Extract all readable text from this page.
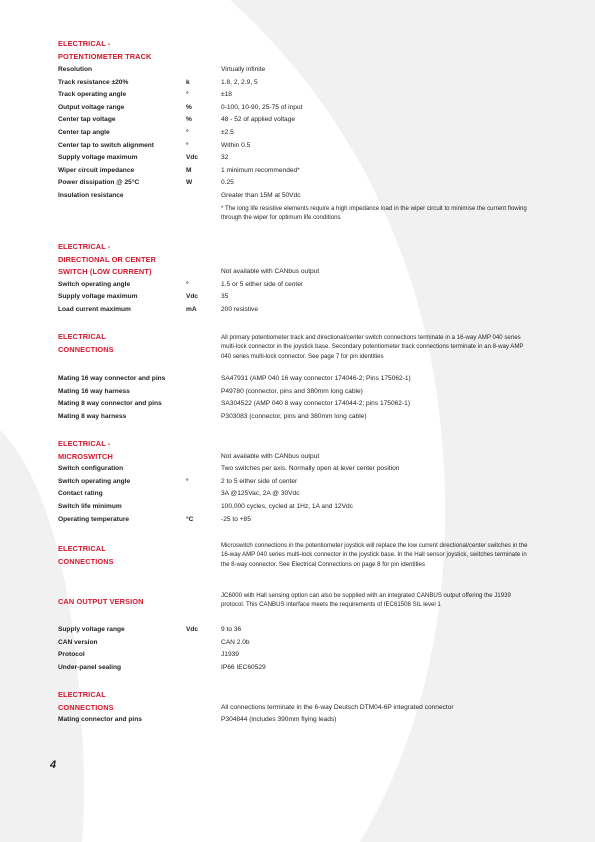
ELECTRICAL -
POTENTIOMETER TRACK
Resolution	Virtually infinite
Track resistance ±20%	k	1.8, 2, 2.9, 5
Track operating angle	°	±18
Output voltage range	%	0-100, 10-90, 25-75 of input
Center tap voltage	%	48 - 52 of applied voltage
Center tap angle	°	±2.5
Center tap to switch alignment	°	Within 0.5
Supply voltage maximum	Vdc	32
Wiper circuit impedance	M	1 minimum recommended*
Power dissipation @ 25°C	W	0.25
Insulation resistance	Greater than 15M at 50Vdc
* The long life resistive elements require a high impedance load in the wiper circuit to minimise the current flowing through the wiper for optimum life conditions
ELECTRICAL -
DIRECTIONAL OR CENTER
SWITCH (LOW CURRENT)	Not available with CANbus output
Switch operating angle	°	1.5 or 5 either side of center
Supply voltage maximum	Vdc	35
Load current maximum	mA	200 resistive
ELECTRICAL
CONNECTIONS
All primary potentiometer track and directional/center switch connections terminate in a 16-way AMP 040 series multi-lock connector in the joystick base. Secondary potentiometer track connections terminate in an 8-way AMP 040 series multi-lock connector. See page 7 for pin identities
Mating 16 way connector and pins	SA47931 (AMP 040 16 way connector 174046-2; Pins 175062-1)
Mating 16 way harness	P49780 (connector, pins and 380mm long cable)
Mating 8 way connector and pins	SA304522 (AMP 040 8 way connector 174044-2; pins 175062-1)
Mating 8 way harness	P303083 (connector, pins and 380mm long cable)
ELECTRICAL -
MICROSWITCH	Not available with CANbus output
Switch configuration	Two switches per axis. Normally open at lever center position
Switch operating angle	°	2 to 5 either side of center
Contact rating	3A @125Vac, 2A @ 30Vdc
Switch life minimum	100,000 cycles, cycled at 1Hz, 1A and 12Vdc
Operating temperature	°C	-25 to +85
ELECTRICAL
CONNECTIONS
Microswitch connections in the potentiometer joystick will replace the low current directional/center switches in the 16-way AMP 040 series multi-lock connector in the joystick base. In the Hall sensor joystick, switches terminate in the 8-way connector. See Electrical Connections on page 8 for pin identities
CAN OUTPUT VERSION
JC6000 with Hall sensing option can also be supplied with an integrated CANBUS output offering the J1939 protocol. This CANBUS interface meets the requirements of IEC61508 SIL level 1
Supply voltage range	Vdc	9 to 36
CAN version	CAN 2.0b
Protocol	J1939
Under-panel sealing	IP66 IEC60529
ELECTRICAL
CONNECTIONS	All connections terminate in the 6-way Deutsch DTM04-6P integrated connector
Mating connector and pins	P304844 (includes 390mm flying leads)
4
